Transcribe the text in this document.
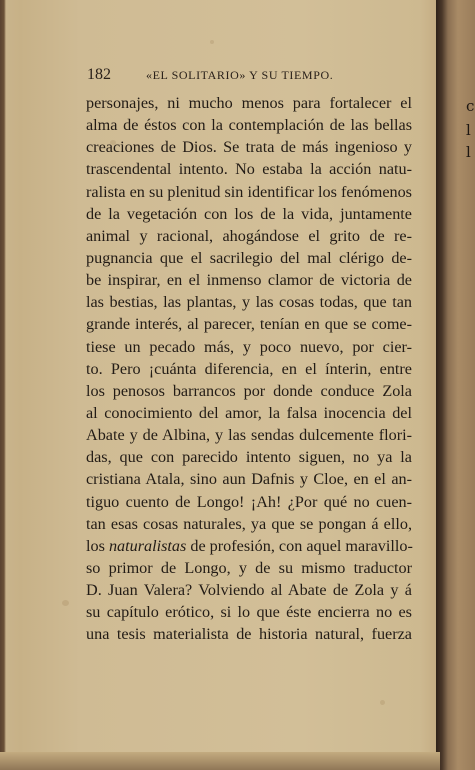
182	«EL SOLITARIO» Y SU TIEMPO.
personajes, ni mucho menos para fortalecer el
alma de éstos con la contemplación de las bellas
creaciones de Dios. Se trata de más ingenioso y
trascendental intento. No estaba la acción natu-
ralista en su plenitud sin identificar los fenómenos
de la vegetación con los de la vida, juntamente
animal y racional, ahogándose el grito de re-
pugnancia que el sacrilegio del mal clérigo de-
be inspirar, en el inmenso clamor de victoria de
las bestias, las plantas, y las cosas todas, que tan
grande interés, al parecer, tenían en que se come-
tiese un pecado más, y poco nuevo, por cier-
to. Pero ¡cuánta diferencia, en el ínterin, entre
los penosos barrancos por donde conduce Zola
al conocimiento del amor, la falsa inocencia del
Abate y de Albina, y las sendas dulcemente flori-
das, que con parecido intento siguen, no ya la
cristiana Atala, sino aun Dafnis y Cloe, en el an-
tiguo cuento de Longo! ¡Ah! ¿Por qué no cuen-
tan esas cosas naturales, ya que se pongan á ello,
los naturalistas de profesión, con aquel maravillo-
so primor de Longo, y de su mismo traductor
D. Juan Valera? Volviendo al Abate de Zola y á
su capítulo erótico, si lo que éste encierra no es
una tesis materialista de historia natural, fuerza
c
l
l
